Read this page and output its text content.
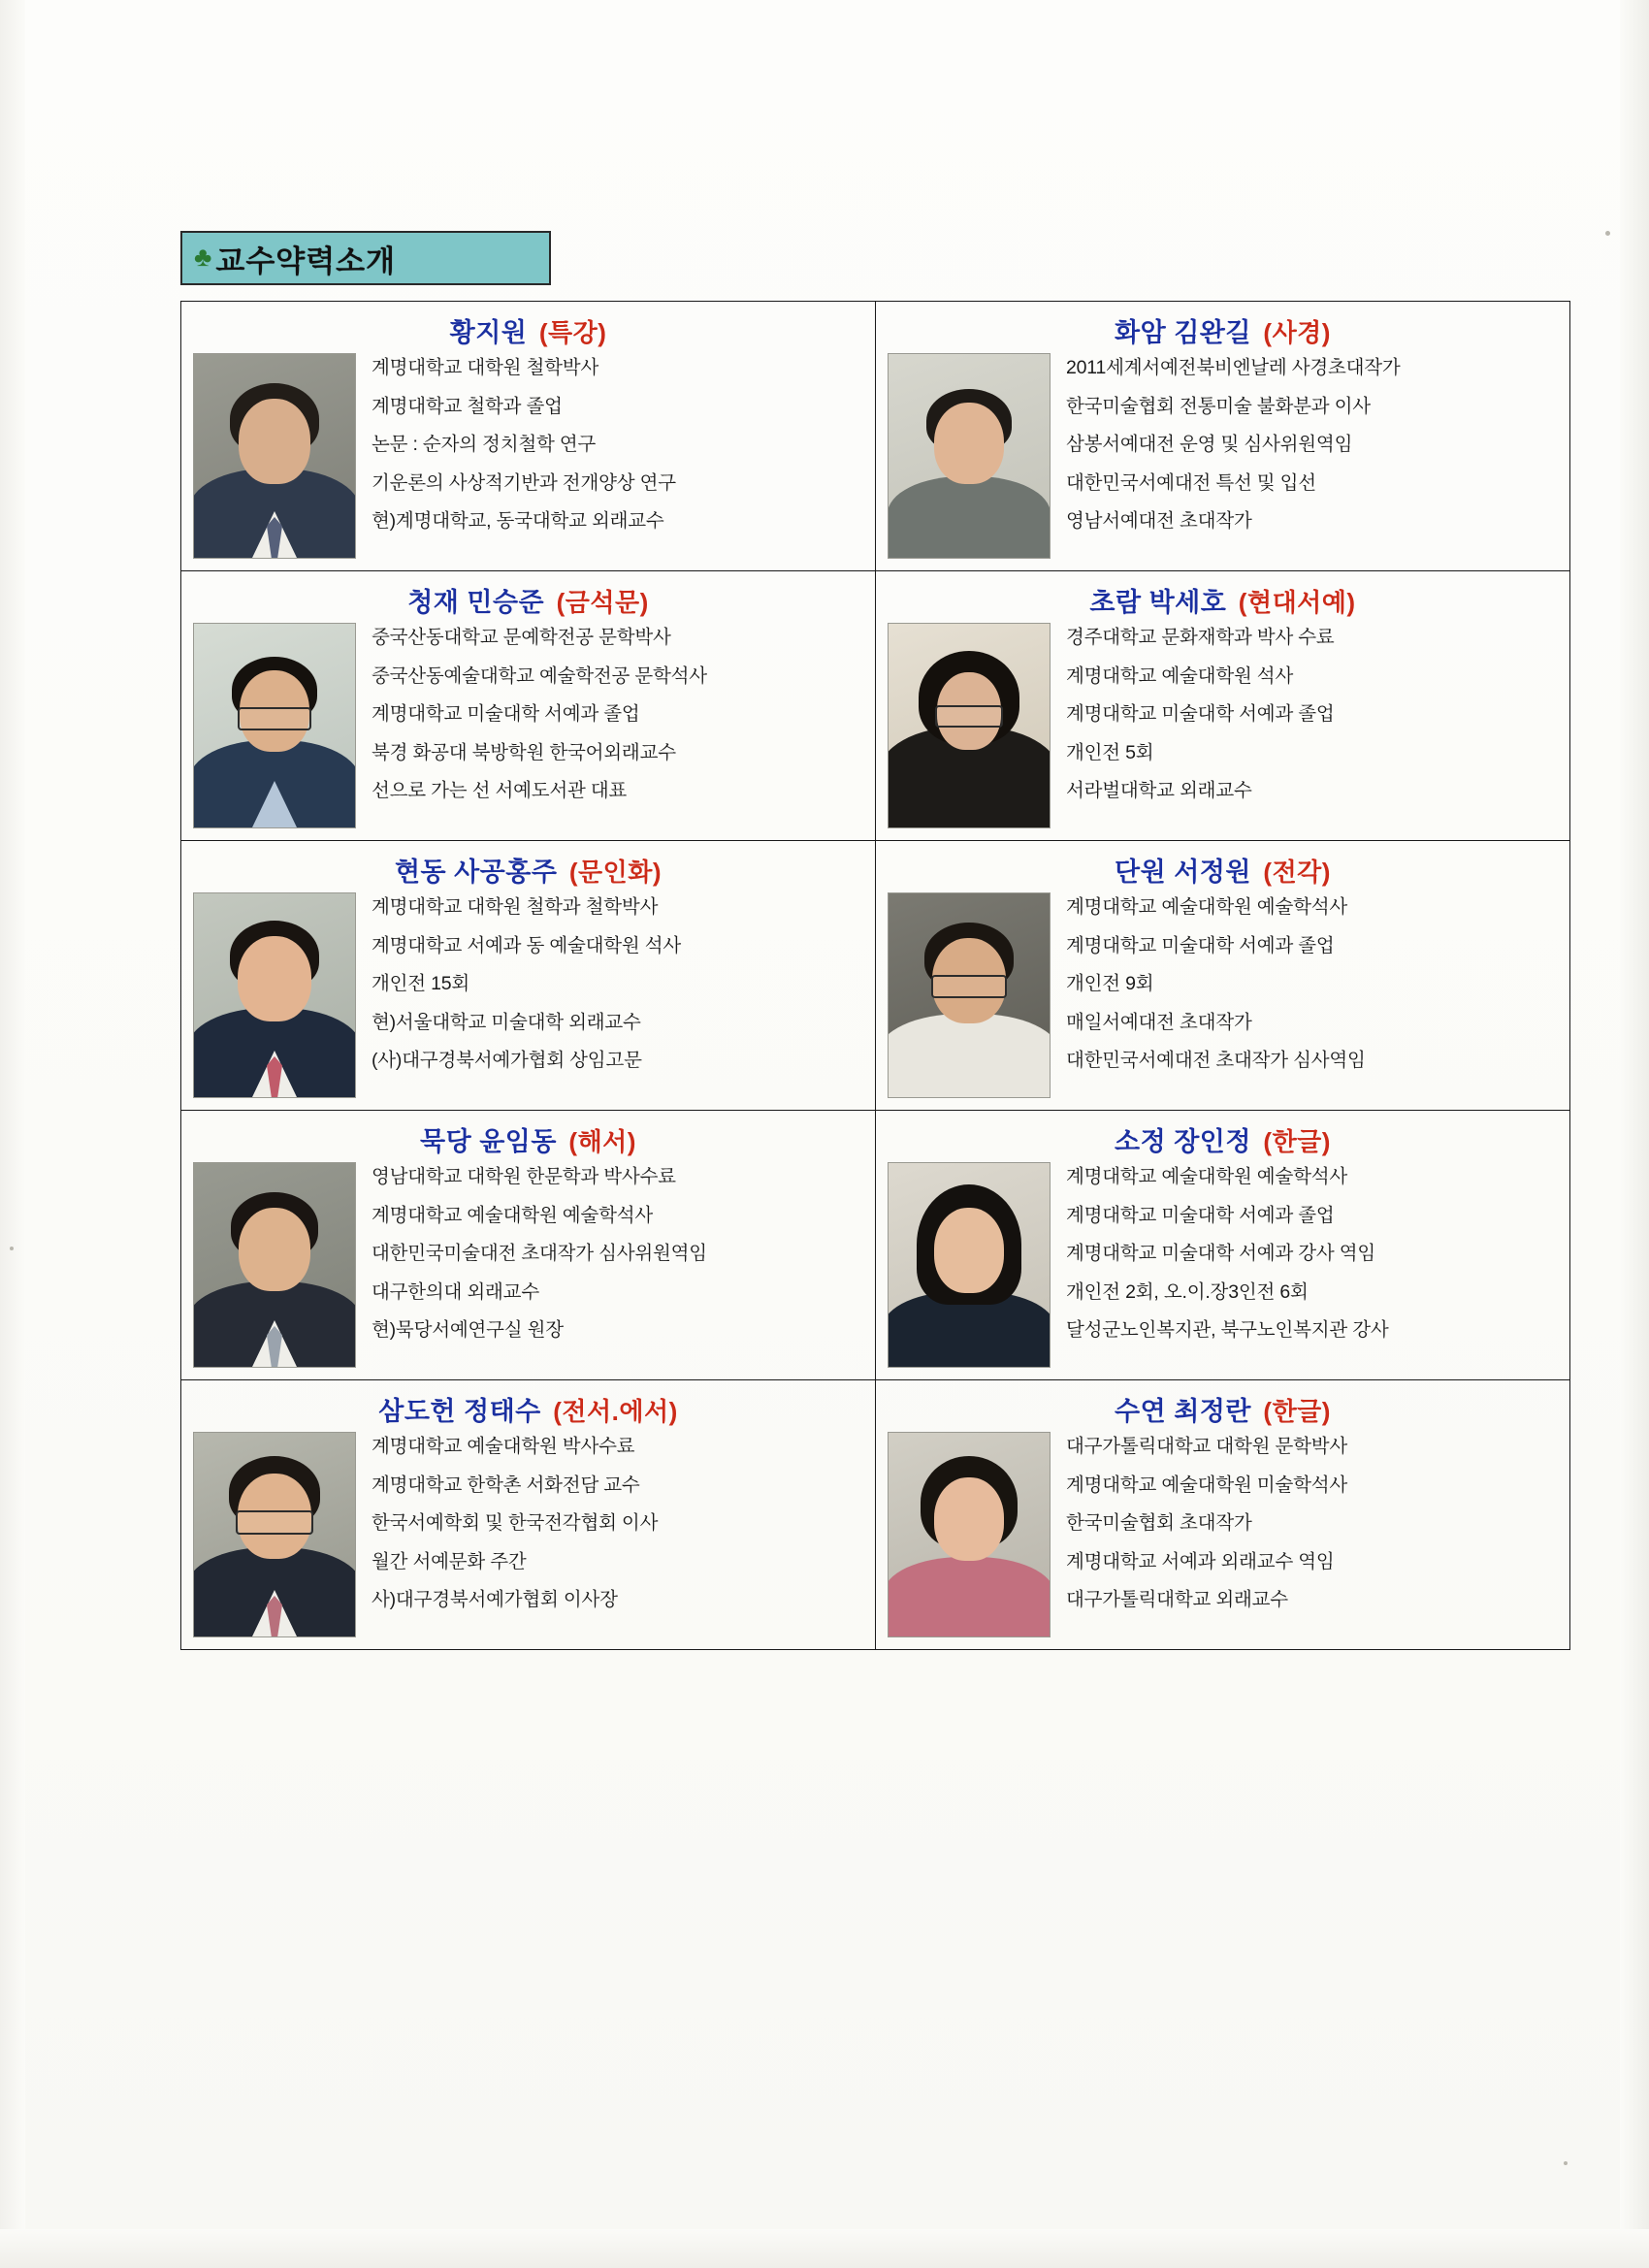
♣ 교수약력소개
황지원 (특강)
계명대학교 대학원 철학박사
계명대학교 철학과 졸업
논문 : 순자의 정치철학 연구
기운론의 사상적기반과 전개양상 연구
현)계명대학교, 동국대학교 외래교수

화암 김완길 (사경)
2011세계서예전북비엔날레 사경초대작가
한국미술협회 전통미술 불화분과 이사
삼봉서예대전 운영 및 심사위원역임
대한민국서예대전 특선 및 입선
영남서예대전 초대작가

청재 민승준 (금석문)
중국산동대학교 문예학전공 문학박사
중국산동예술대학교 예술학전공 문학석사
계명대학교 미술대학 서예과 졸업
북경 화공대 북방학원 한국어외래교수
선으로 가는 선 서예도서관 대표

초람 박세호 (현대서예)
경주대학교 문화재학과 박사 수료
계명대학교 예술대학원 석사
계명대학교 미술대학 서예과 졸업
개인전 5회
서라벌대학교 외래교수

현동 사공홍주 (문인화)
계명대학교 대학원 철학과 철학박사
계명대학교 서예과 동 예술대학원 석사
개인전 15회
현)서울대학교 미술대학 외래교수
(사)대구경북서예가협회 상임고문

단원 서정원 (전각)
계명대학교 예술대학원 예술학석사
계명대학교 미술대학 서예과 졸업
개인전 9회
매일서예대전 초대작가
대한민국서예대전 초대작가 심사역임

묵당 윤임동 (해서)
영남대학교 대학원 한문학과 박사수료
계명대학교 예술대학원 예술학석사
대한민국미술대전 초대작가 심사위원역임
대구한의대 외래교수
현)묵당서예연구실 원장

소정 장인정 (한글)
계명대학교 예술대학원 예술학석사
계명대학교 미술대학 서예과 졸업
계명대학교 미술대학 서예과 강사 역임
개인전 2회, 오.이.장3인전 6회
달성군노인복지관, 북구노인복지관 강사

삼도헌 정태수 (전서.에서)
계명대학교 예술대학원 박사수료
계명대학교 한학촌 서화전담 교수
한국서예학회 및 한국전각협회 이사
월간 서예문화 주간
사)대구경북서예가협회 이사장

수연 최정란 (한글)
대구가톨릭대학교 대학원 문학박사
계명대학교 예술대학원 미술학석사
한국미술협회 초대작가
계명대학교 서예과 외래교수 역임
대구가톨릭대학교 외래교수
